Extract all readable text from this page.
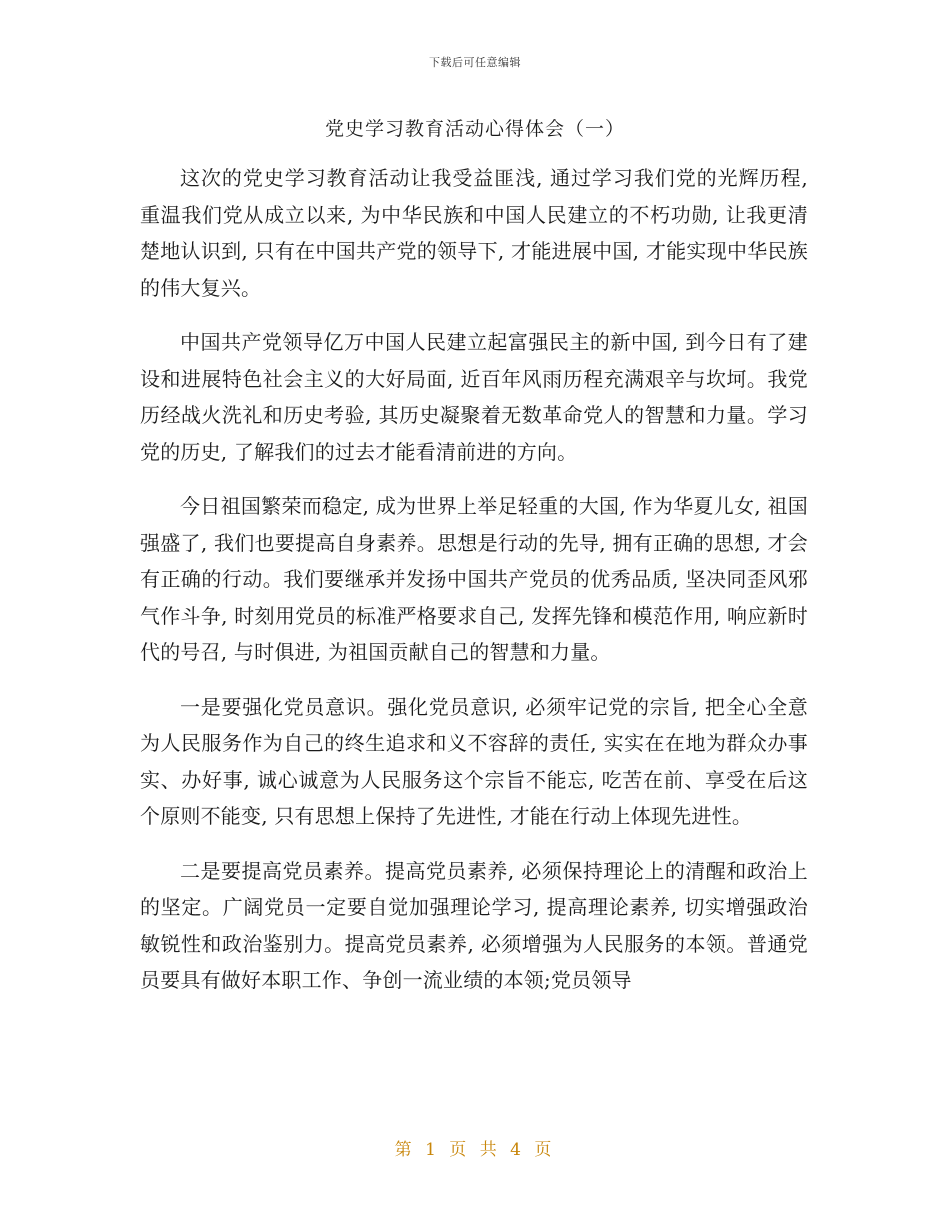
下载后可任意编辑
党史学习教育活动心得体会（一）

这次的党史学习教育活动让我受益匪浅, 通过学习我们党的光辉历程, 重温我们党从成立以来, 为中华民族和中国人民建立的不朽功勋, 让我更清楚地认识到, 只有在中国共产党的领导下, 才能进展中国, 才能实现中华民族的伟大复兴。

中国共产党领导亿万中国人民建立起富强民主的新中国, 到今日有了建设和进展特色社会主义的大好局面, 近百年风雨历程充满艰辛与坎坷。我党历经战火洗礼和历史考验, 其历史凝聚着无数革命党人的智慧和力量。学习党的历史, 了解我们的过去才能看清前进的方向。

今日祖国繁荣而稳定, 成为世界上举足轻重的大国, 作为华夏儿女, 祖国强盛了, 我们也要提高自身素养。思想是行动的先导, 拥有正确的思想, 才会有正确的行动。我们要继承并发扬中国共产党员的优秀品质, 坚决同歪风邪气作斗争, 时刻用党员的标准严格要求自己, 发挥先锋和模范作用, 响应新时代的号召, 与时俱进, 为祖国贡献自己的智慧和力量。

一是要强化党员意识。强化党员意识, 必须牢记党的宗旨, 把全心全意为人民服务作为自己的终生追求和义不容辞的责任, 实实在在地为群众办事实、办好事, 诚心诚意为人民服务这个宗旨不能忘, 吃苦在前、享受在后这个原则不能变, 只有思想上保持了先进性, 才能在行动上体现先进性。

二是要提高党员素养。提高党员素养, 必须保持理论上的清醒和政治上的坚定。广阔党员一定要自觉加强理论学习, 提高理论素养, 切实增强政治敏锐性和政治鉴别力。提高党员素养, 必须增强为人民服务的本领。普通党员要具有做好本职工作、争创一流业绩的本领;党员领导

第 1 页 共 4 页
